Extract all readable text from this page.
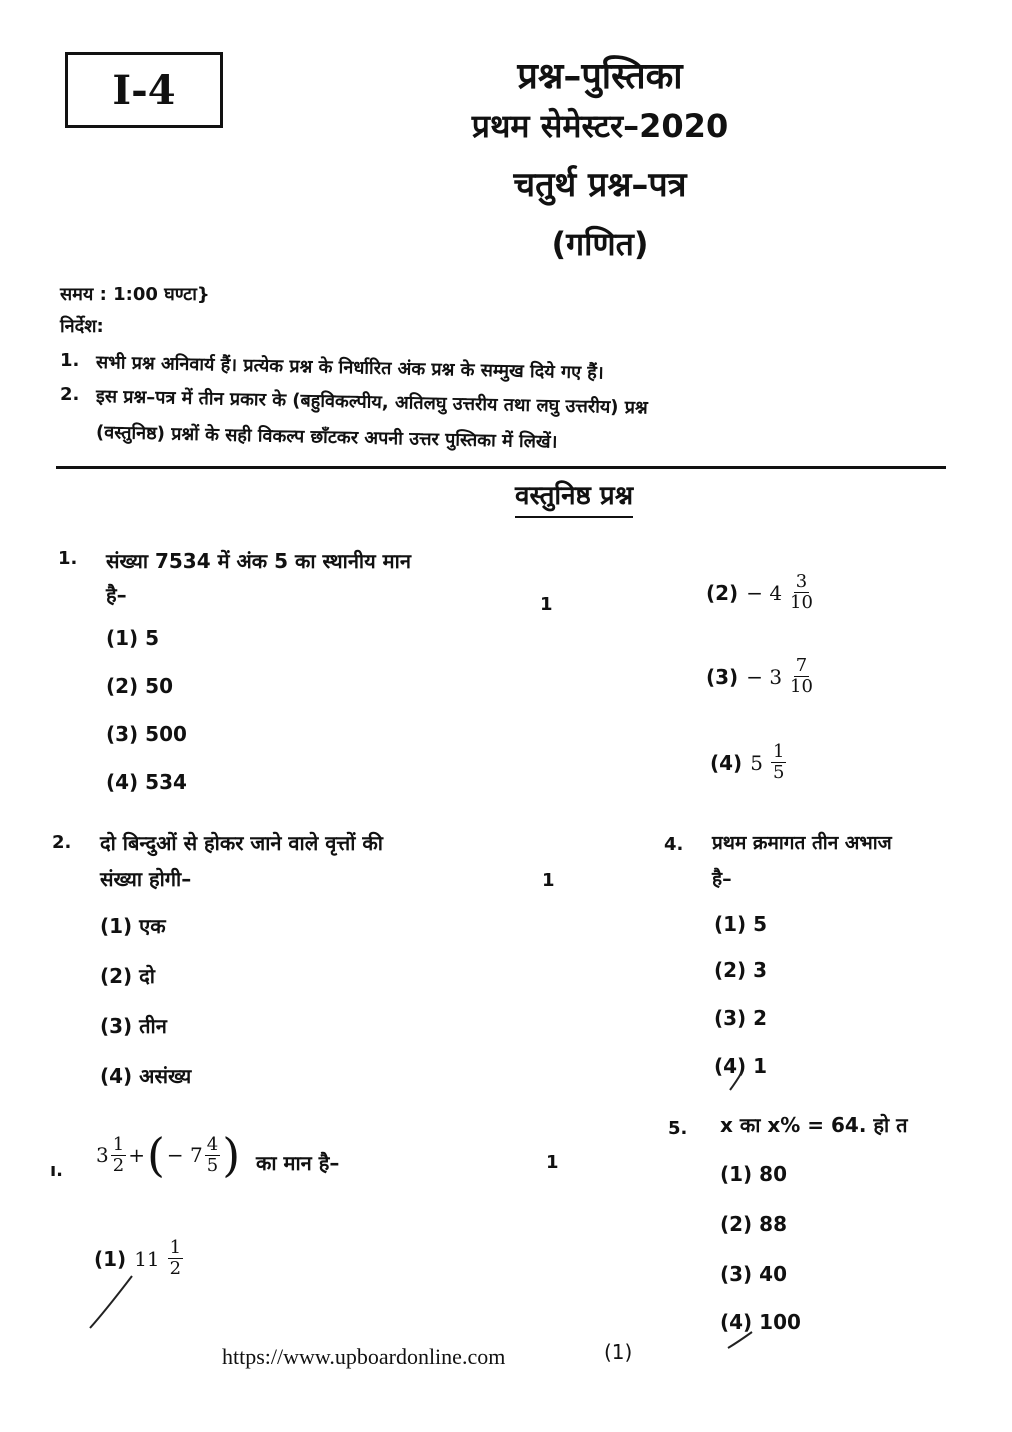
I-4	प्रश्न–पुस्तिका
प्रथम सेमेस्टर–2020
चतुर्थ प्रश्न–पत्र
(गणित)
समय : 1:00 घण्टा}
निर्देश:
1. सभी प्रश्न अनिवार्य हैं। प्रत्येक प्रश्न के निर्धारित अंक प्रश्न के सम्मुख दिये गए हैं।
2. इस प्रश्न–पत्र में तीन प्रकार के (बहुविकल्पीय, अतिलघु उत्तरीय तथा लघु उत्तरीय) प्रश्न
(वस्तुनिष्ठ) प्रश्नों के सही विकल्प छाँटकर अपनी उत्तर पुस्तिका में लिखें।
वस्तुनिष्ठ प्रश्न
1. संख्या 7534 में अंक 5 का स्थानीय मान
है–	1
(1) 5
(2) 50
(3) 500
(4) 534
$(2) - 4 \frac{3}{10}$
$(3) - 3 \frac{7}{10}$
(4) $5 \frac{1}{5}$
2. दो बिन्दुओं से होकर जाने वाले वृत्तों की
संख्या होगी–	1
(1) एक
(2) दो
(3) तीन
(4) असंख्य
4. प्रथम क्रमागत तीन अभाज
है–
(1) 5
(2) 3
(3) 2
(4) 1
ı.
$3 \frac{1}{2}$ + ( − $7 \frac{4}{5}$ ) का मान है–	1
(1) $11 \frac{1}{2}$
5. x का x% = 64. हो त
(1) 80
(2) 88
(3) 40
(4) 100
https://www.upboardonline.com	(1)
